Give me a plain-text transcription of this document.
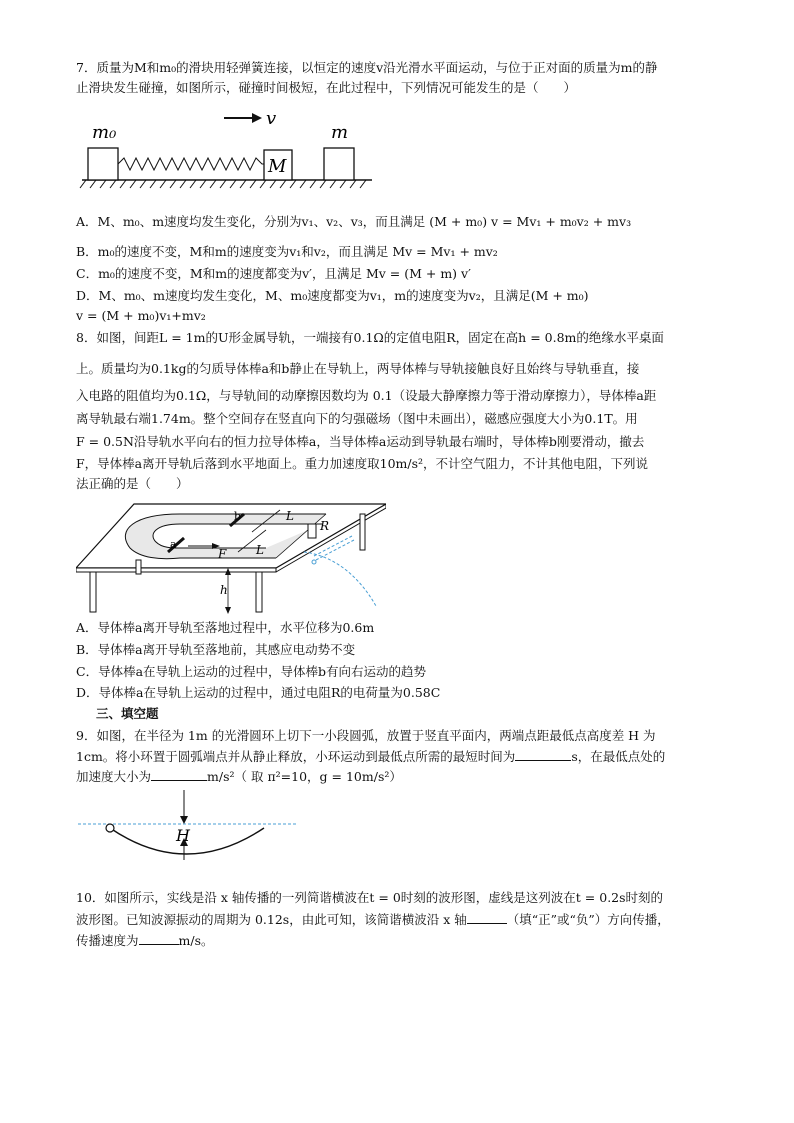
7．质量为M和m₀的滑块用轻弹簧连接，以恒定的速度v沿光滑水平面运动，与位于正对面的质量为m的静
止滑块发生碰撞，如图所示，碰撞时间极短，在此过程中，下列情况可能发生的是（　　）
m₀
M
v
m
A．M、m₀、m速度均发生变化，分别为v₁、v₂、v₃，而且满足 (M + m₀) v = Mv₁ + m₀v₂ + mv₃
B．m₀的速度不变，M和m的速度变为v₁和v₂，而且满足 Mv = Mv₁ + mv₂
C．m₀的速度不变，M和m的速度都变为v′，且满足 Mv = (M + m) v′
D．M、m₀、m速度均发生变化，M、m₀速度都变为v₁，m的速度变为v₂，且满足(M + m₀)
v = (M + m₀)v₁+mv₂
8．如图，间距L = 1m的U形金属导轨，一端接有0.1Ω的定值电阻R，固定在高h = 0.8m的绝缘水平桌面
上。质量均为0.1kg的匀质导体棒a和b静止在导轨上，两导体棒与导轨接触良好且始终与导轨垂直，接
入电路的阻值均为0.1Ω，与导轨间的动摩擦因数均为 0.1（设最大静摩擦力等于滑动摩擦力），导体棒a距
离导轨最右端1.74m。整个空间存在竖直向下的匀强磁场（图中未画出），磁感应强度大小为0.1T。用
F = 0.5N沿导轨水平向右的恒力拉导体棒a，当导体棒a运动到导轨最右端时，导体棒b刚要滑动，撤去
F，导体棒a离开导轨后落到水平地面上。重力加速度取10m/s²，不计空气阻力，不计其他电阻，下列说
法正确的是（　　）
b
a
F
L
L
R
h
A．导体棒a离开导轨至落地过程中，水平位移为0.6m
B．导体棒a离开导轨至落地前，其感应电动势不变
C．导体棒a在导轨上运动的过程中，导体棒b有向右运动的趋势
D．导体棒a在导轨上运动的过程中，通过电阻R的电荷量为0.58C
三、填空题
9．如图，在半径为 1m 的光滑圆环上切下一小段圆弧，放置于竖直平面内，两端点距最低点高度差 H 为
1cm。将小环置于圆弧端点并从静止释放，小环运动到最低点所需的最短时间为	s，在最低点处的
加速度大小为	m/s²（ 取 π²=10，g = 10m/s²）
H
10．如图所示，实线是沿 x 轴传播的一列简谐横波在t = 0时刻的波形图，虚线是这列波在t = 0.2s时刻的
波形图。已知波源振动的周期为 0.12s，由此可知，该简谐横波沿 x 轴	（填“正”或“负”）方向传播，
传播速度为	m/s。
